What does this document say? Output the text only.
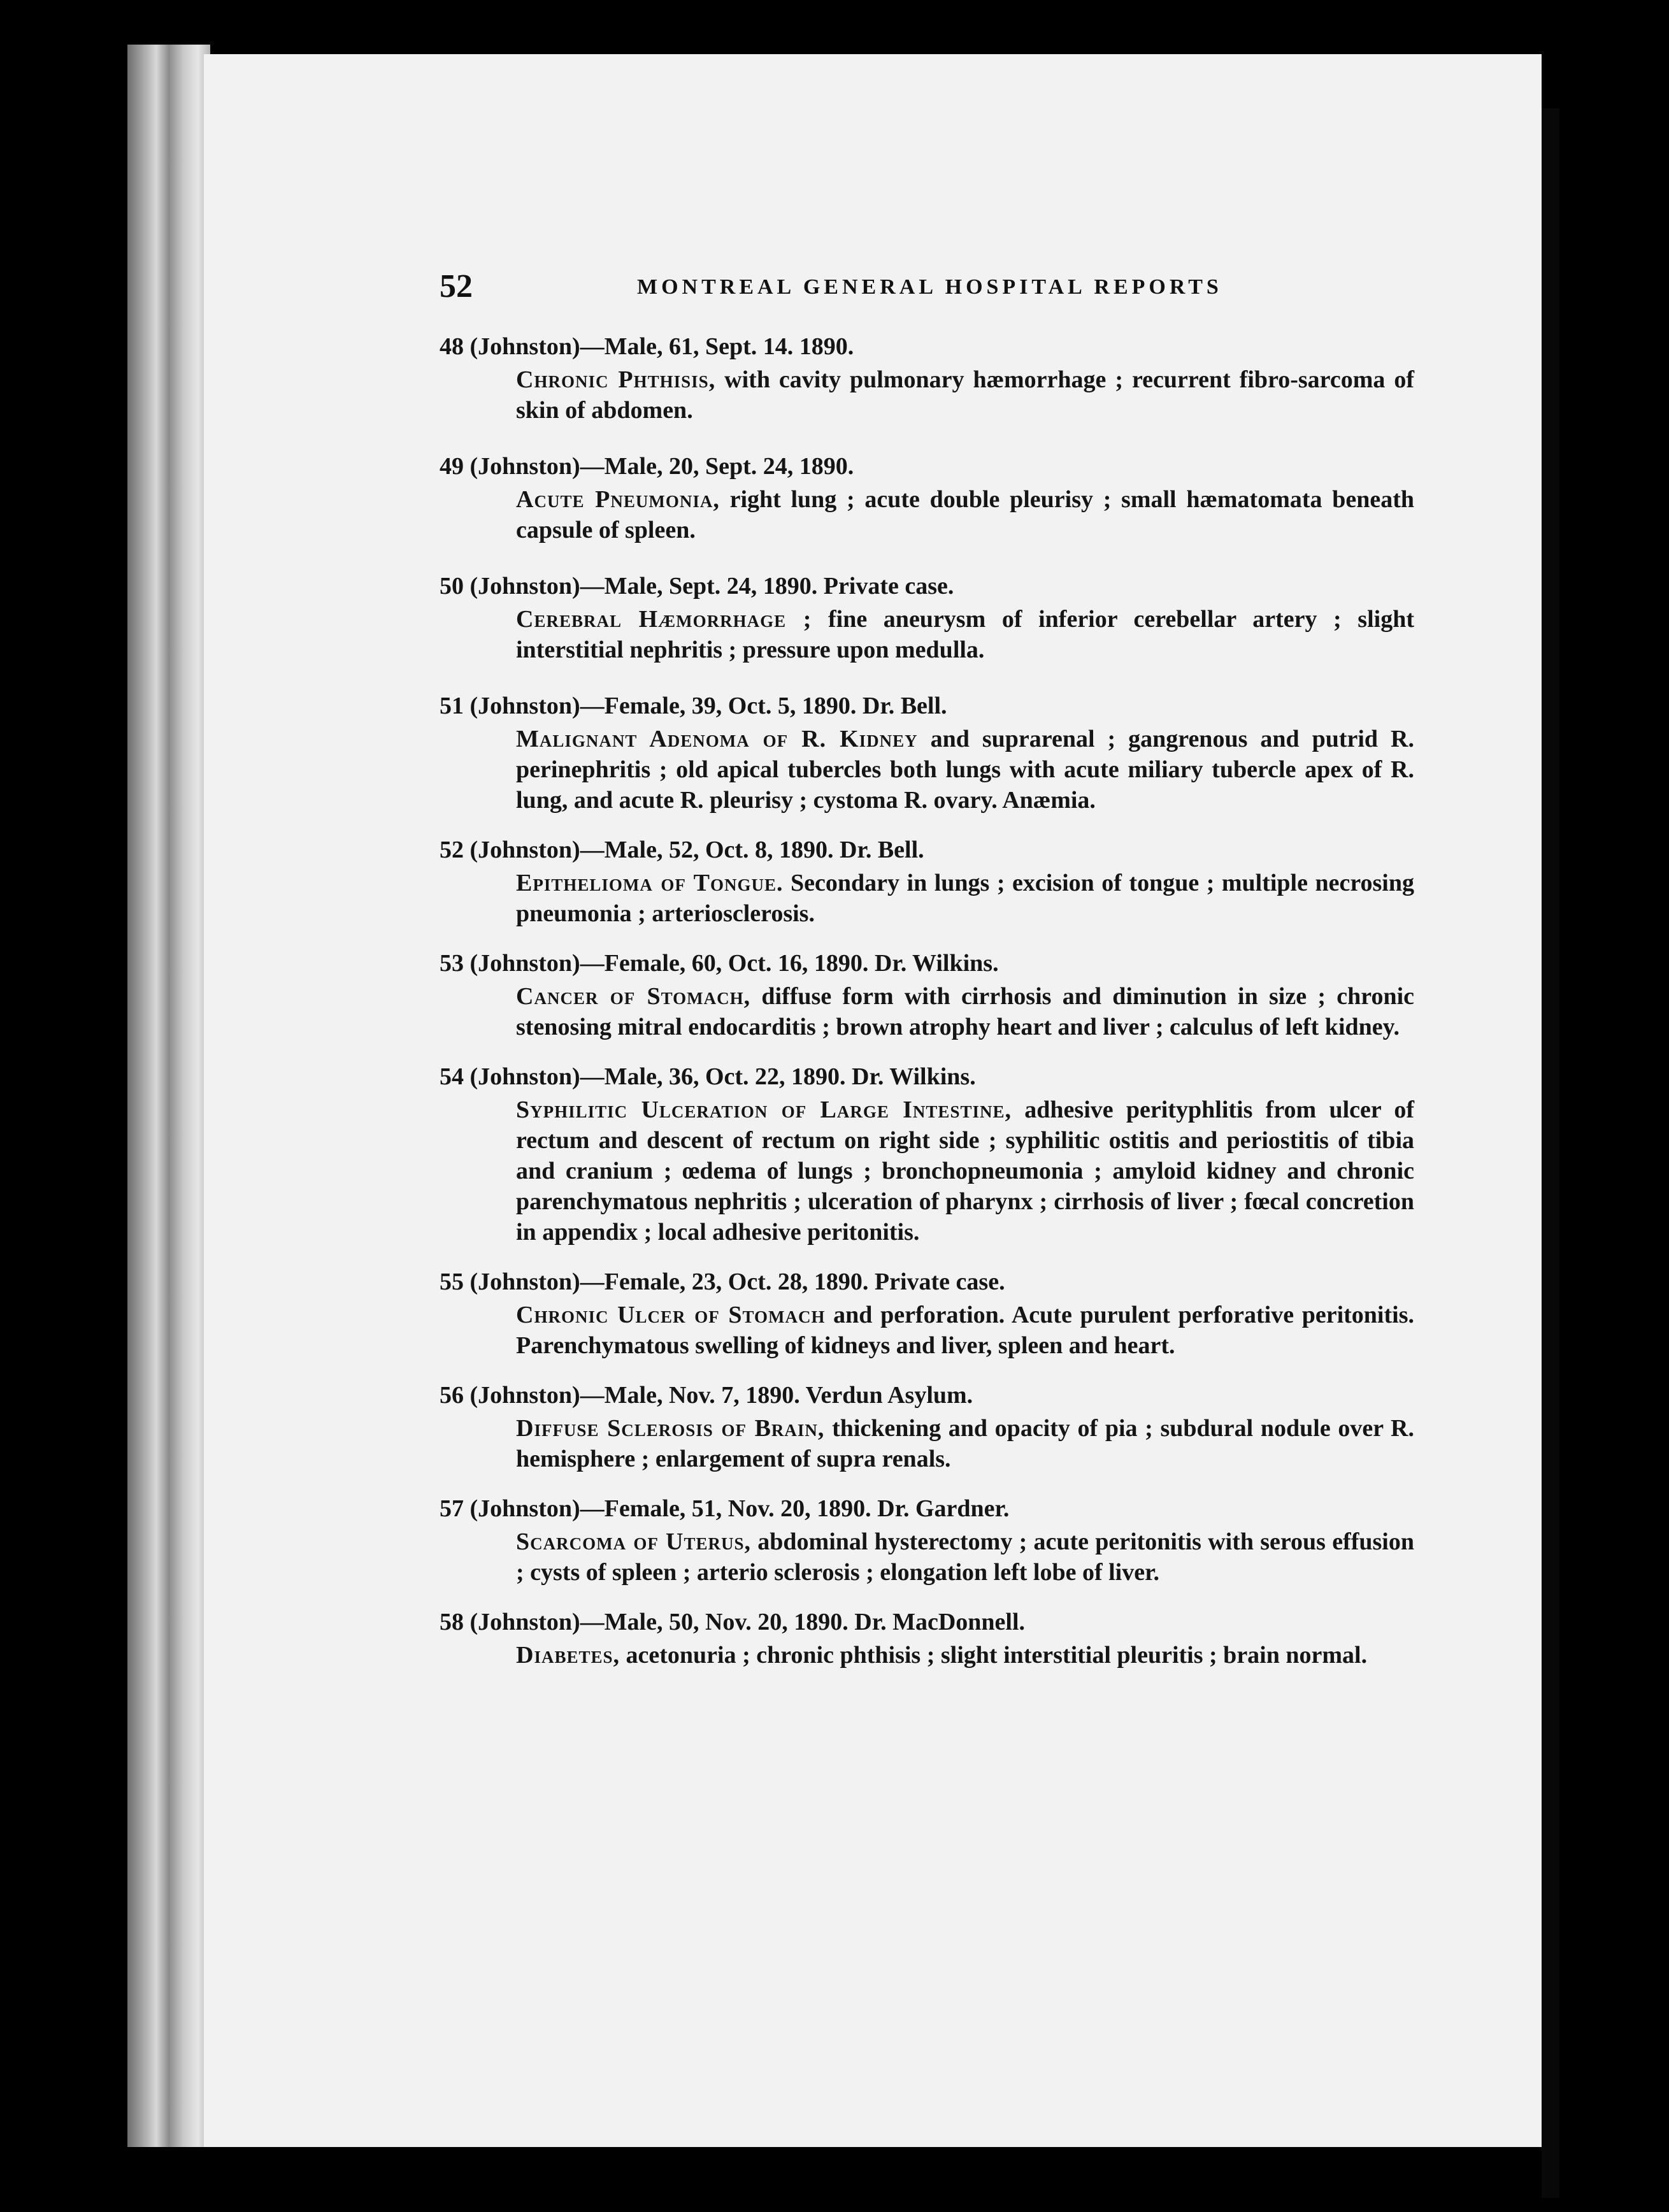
52	MONTREAL GENERAL HOSPITAL REPORTS
48 (Johnston)—Male, 61, Sept. 14. 1890.
Chronic Phthisis, with cavity pulmonary hæmorrhage ; recurrent fibro-sarcoma of skin of abdomen.
49 (Johnston)—Male, 20, Sept. 24, 1890.
Acute Pneumonia, right lung ; acute double pleurisy ; small hæmatomata beneath capsule of spleen.
50 (Johnston)—Male, Sept. 24, 1890. Private case.
Cerebral Hæmorrhage ; fine aneurysm of inferior cerebellar artery ; slight interstitial nephritis ; pressure upon medulla.
51 (Johnston)—Female, 39, Oct. 5, 1890. Dr. Bell.
Malignant Adenoma of R. Kidney and suprarenal ; gangrenous and putrid R. perinephritis ; old apical tubercles both lungs with acute miliary tubercle apex of R. lung, and acute R. pleurisy ; cystoma R. ovary. Anæmia.
52 (Johnston)—Male, 52, Oct. 8, 1890. Dr. Bell.
Epithelioma of Tongue. Secondary in lungs ; excision of tongue ; multiple necrosing pneumonia ; arteriosclerosis.
53 (Johnston)—Female, 60, Oct. 16, 1890. Dr. Wilkins.
Cancer of Stomach, diffuse form with cirrhosis and diminution in size ; chronic stenosing mitral endocarditis ; brown atrophy heart and liver ; calculus of left kidney.
54 (Johnston)—Male, 36, Oct. 22, 1890. Dr. Wilkins.
Syphilitic Ulceration of Large Intestine, adhesive perityphlitis from ulcer of rectum and descent of rectum on right side ; syphilitic ostitis and periostitis of tibia and cranium ; œdema of lungs ; bronchopneumonia ; amyloid kidney and chronic parenchymatous nephritis ; ulceration of pharynx ; cirrhosis of liver ; fœcal concretion in appendix ; local adhesive peritonitis.
55 (Johnston)—Female, 23, Oct. 28, 1890. Private case.
Chronic Ulcer of Stomach and perforation. Acute purulent perforative peritonitis. Parenchymatous swelling of kidneys and liver, spleen and heart.
56 (Johnston)—Male, Nov. 7, 1890. Verdun Asylum.
Diffuse Sclerosis of Brain, thickening and opacity of pia ; subdural nodule over R. hemisphere ; enlargement of supra renals.
57 (Johnston)—Female, 51, Nov. 20, 1890. Dr. Gardner.
Scarcoma of Uterus, abdominal hysterectomy ; acute peritonitis with serous effusion ; cysts of spleen ; arterio sclerosis ; elongation left lobe of liver.
58 (Johnston)—Male, 50, Nov. 20, 1890. Dr. MacDonnell.
Diabetes, acetonuria ; chronic phthisis ; slight interstitial pleuritis ; brain normal.
